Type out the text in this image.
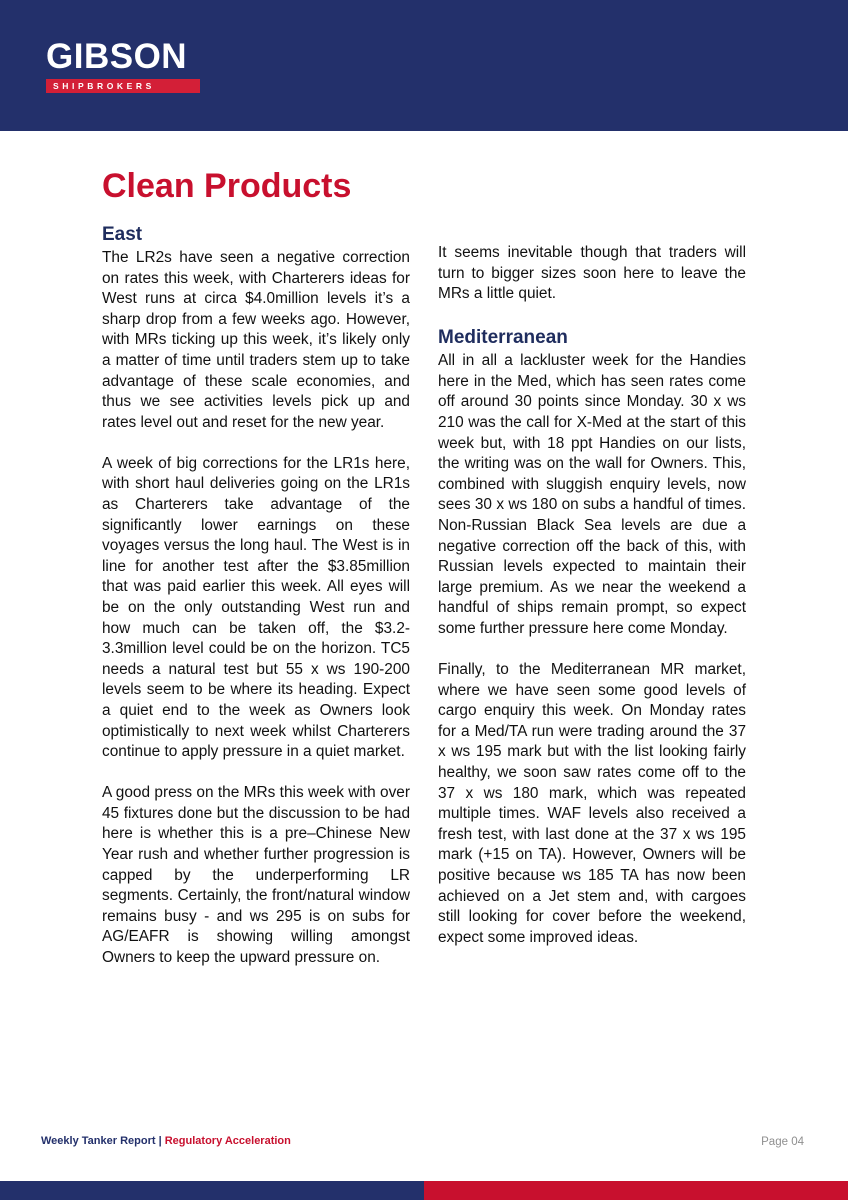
GIBSON
SHIPBROKERS
Clean Products
East

The LR2s have seen a negative correction on rates this week, with Charterers ideas for West runs at circa $4.0million levels it’s a sharp drop from a few weeks ago. However, with MRs ticking up this week, it’s likely only a matter of time until traders stem up to take advantage of these scale economies, and thus we see activities levels pick up and rates level out and reset for the new year.

A week of big corrections for the LR1s here, with short haul deliveries going on the LR1s as Charterers take advantage of the significantly lower earnings on these voyages versus the long haul. The West is in line for another test after the $3.85million that was paid earlier this week. All eyes will be on the only outstanding West run and how much can be taken off, the $3.2-3.3million level could be on the horizon. TC5 needs a natural test but 55 x ws 190-200 levels seem to be where its heading. Expect a quiet end to the week as Owners look optimistically to next week whilst Charterers continue to apply pressure in a quiet market.

A good press on the MRs this week with over 45 fixtures done but the discussion to be had here is whether this is a pre–Chinese New Year rush and whether further progression is capped by the underperforming LR segments. Certainly, the front/natural window remains busy - and ws 295 is on subs for AG/EAFR is showing willing amongst Owners to keep the upward pressure on.

It seems inevitable though that traders will turn to bigger sizes soon here to leave the MRs a little quiet.

Mediterranean

All in all a lackluster week for the Handies here in the Med, which has seen rates come off around 30 points since Monday. 30 x ws 210 was the call for X-Med at the start of this week but, with 18 ppt Handies on our lists, the writing was on the wall for Owners. This, combined with sluggish enquiry levels, now sees 30 x ws 180 on subs a handful of times. Non-Russian Black Sea levels are due a negative correction off the back of this, with Russian levels expected to maintain their large premium. As we near the weekend a handful of ships remain prompt, so expect some further pressure here come Monday.

Finally, to the Mediterranean MR market, where we have seen some good levels of cargo enquiry this week. On Monday rates for a Med/TA run were trading around the 37 x ws 195 mark but with the list looking fairly healthy, we soon saw rates come off to the 37 x ws 180 mark, which was repeated multiple times. WAF levels also received a fresh test, with last done at the 37 x ws 195 mark (+15 on TA). However, Owners will be positive because ws 185 TA has now been achieved on a Jet stem and, with cargoes still looking for cover before the weekend, expect some improved ideas.

Weekly Tanker Report | Regulatory Acceleration	Page 04
